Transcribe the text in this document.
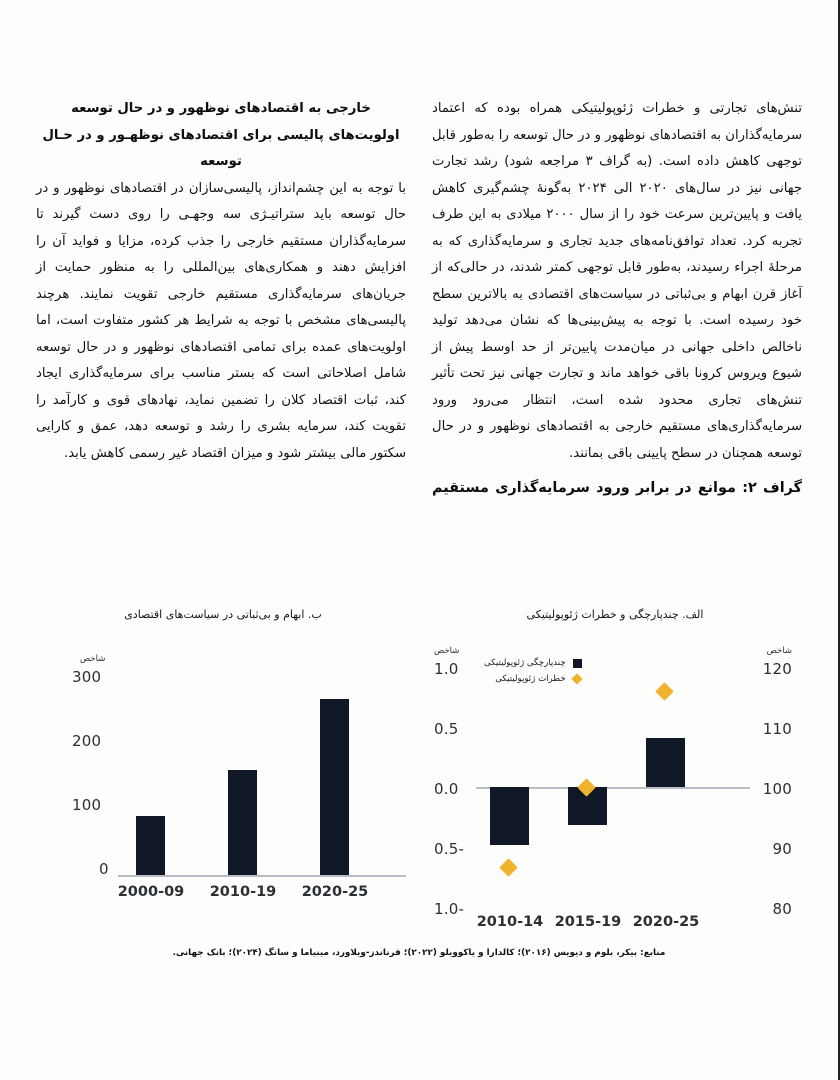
تنش‌های تجارتی و خطرات ژئوپولیتیکی همراه بوده که اعتماد سرمایه‌گذاران به اقتصادهای نوظهور و در حال توسعه را به‌طور قابل توجهی کاهش داده است. (به گراف ۳ مراجعه شود) رشد تجارت جهانی نیز در سال‌های ۲۰۲۰ الی ۲۰۲۴ به‌گونۀ چشم‌گیری کاهش یافت و پایین‌ترین سرعت خود را از سال ۲۰۰۰ میلادی به این طرف تجربه کرد. تعداد توافق‌نامه‌های جدید تجاری و سرمایه‌گذاری که به مرحلۀ اجراء رسیدند، به‌طور قابل توجهی کمتر شدند، در حالی‌که از آغاز قرن ابهام و بی‌ثباتی در سیاست‌های اقتصادی به بالاترین سطح خود رسیده است. با توجه به پیش‌بینی‌ها که نشان می‌دهد تولید ناخالص داخلی جهانی در میان‌مدت پایین‌تر از حد اوسط پیش از شیوع ویروس کرونا باقی خواهد ماند و تجارت جهانی نیز تحت تأثیر تنش‌های تجاری محدود شده است، انتظار می‌رود ورود سرمایه‌گذاری‌های مستقیم خارجی به اقتصادهای نوظهور و در حال توسعه همچنان در سطح پایینی باقی بمانند.

گراف ۲: موانع در برابر ورود سرمایه‌گذاری مستقیم

خارجی به اقتصادهای نوظهور و در حال توسعه

اولویت‌های پالیسی برای اقتصادهای نوظهـور و در حـال

توسعه

با توجه به این چشم‌انداز، پالیسی‌سازان در اقتصادهای نوظهور و در حال توسعه باید ستراتیـژی سه وجهـی را روی دست گیرند تا سرمایه‌گذاران مستقیم خارجی را جذب کرده، مزایا و فواید آن را افزایش دهند و همکاری‌های بین‌المللی را به منظور حمایت از جریان‌های سرمایه‌گذاری مستقیم خارجی تقویت نمایند. هرچند پالیسی‌های مشخص با توجه به شرایط هر کشور متفاوت است، اما اولویت‌های عمده برای تمامی اقتصادهای نوظهور و در حال توسعه شامل اصلاحاتی است که بستر مناسب برای سرمایه‌گذاری ایجاد کند، ثبات اقتصاد کلان را تضمین نماید، نهادهای قوی و کارآمد را تقویت کند، سرمایه بشری را رشد و توسعه دهد، عمق و کارایی سکتور مالی بیشتر شود و میزان اقتصاد غیر رسمی کاهش یابد.

الف. چندپارچگی و خطرات ژئوپولیتیکی
شاخص
1.0
0.5
0.0
-0.5
-1.0
شاخص
120
110
100
90
80
چندپارچگی ژئوپولیتیکی
خطرات ژئوپولیتیکی
2010-14 2015-19 2020-25
ب. ابهام و بی‌ثباتی در سیاست‌های اقتصادی
شاخص
300
200
100
0
2000-09 2010-19 2020-25
منابع: بیکر، بلوم و دیویس (۲۰۱۶)؛ کالدارا و یاکوویلو (۲۰۲۲)؛ فرناندز-ویلاورد، مینیاما و سانگ (۲۰۲۴)؛ بانک جهانی.
